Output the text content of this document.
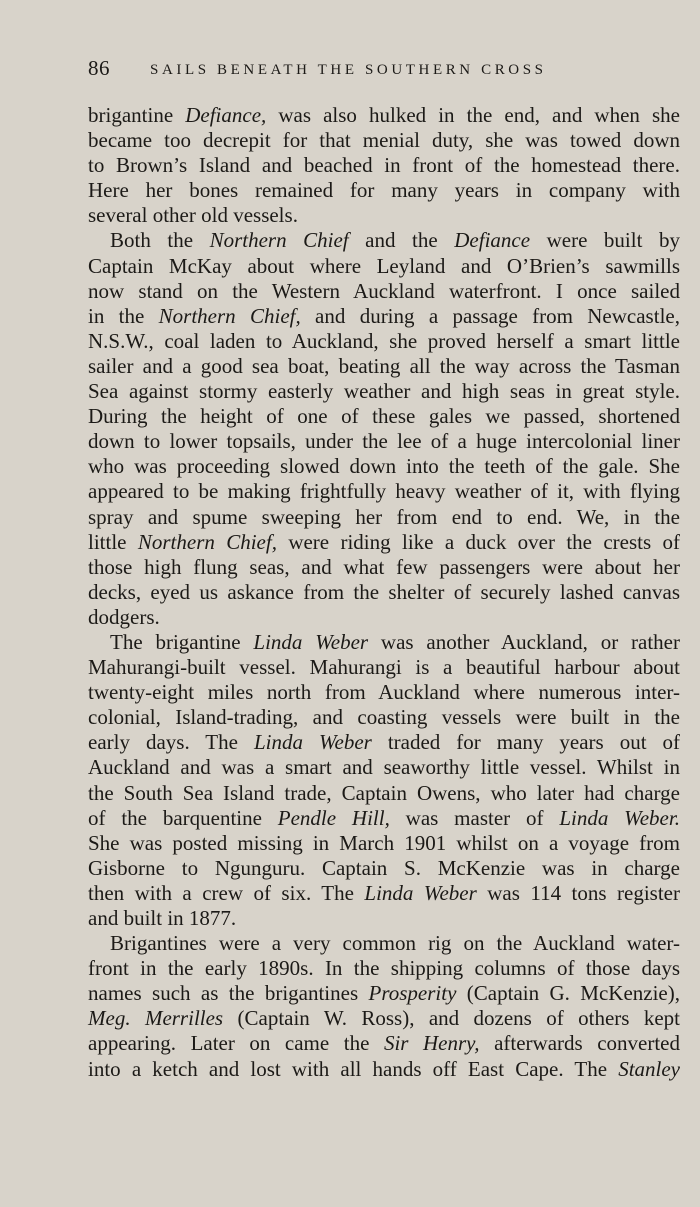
86	SAILS BENEATH THE SOUTHERN CROSS
brigantine Defiance, was also hulked in the end, and when she
became too decrepit for that menial duty, she was towed down
to Brown’s Island and beached in front of the homestead there.
Here her bones remained for many years in company with
several other old vessels.
Both the Northern Chief and the Defiance were built by
Captain McKay about where Leyland and O’Brien’s sawmills
now stand on the Western Auckland waterfront. I once sailed
in the Northern Chief, and during a passage from Newcastle,
N.S.W., coal laden to Auckland, she proved herself a smart little
sailer and a good sea boat, beating all the way across the Tasman
Sea against stormy easterly weather and high seas in great style.
During the height of one of these gales we passed, shortened
down to lower topsails, under the lee of a huge intercolonial liner
who was proceeding slowed down into the teeth of the gale. She
appeared to be making frightfully heavy weather of it, with flying
spray and spume sweeping her from end to end. We, in the
little Northern Chief, were riding like a duck over the crests of
those high flung seas, and what few passengers were about her
decks, eyed us askance from the shelter of securely lashed canvas
dodgers.
The brigantine Linda Weber was another Auckland, or rather
Mahurangi-built vessel. Mahurangi is a beautiful harbour about
twenty-eight miles north from Auckland where numerous inter-
colonial, Island-trading, and coasting vessels were built in the
early days. The Linda Weber traded for many years out of
Auckland and was a smart and seaworthy little vessel. Whilst in
the South Sea Island trade, Captain Owens, who later had charge
of the barquentine Pendle Hill, was master of Linda Weber.
She was posted missing in March 1901 whilst on a voyage from
Gisborne to Ngunguru. Captain S. McKenzie was in charge
then with a crew of six. The Linda Weber was 114 tons register
and built in 1877.
Brigantines were a very common rig on the Auckland water-
front in the early 1890s. In the shipping columns of those days
names such as the brigantines Prosperity (Captain G. McKenzie),
Meg. Merrilles (Captain W. Ross), and dozens of others kept
appearing. Later on came the Sir Henry, afterwards converted
into a ketch and lost with all hands off East Cape. The Stanley
